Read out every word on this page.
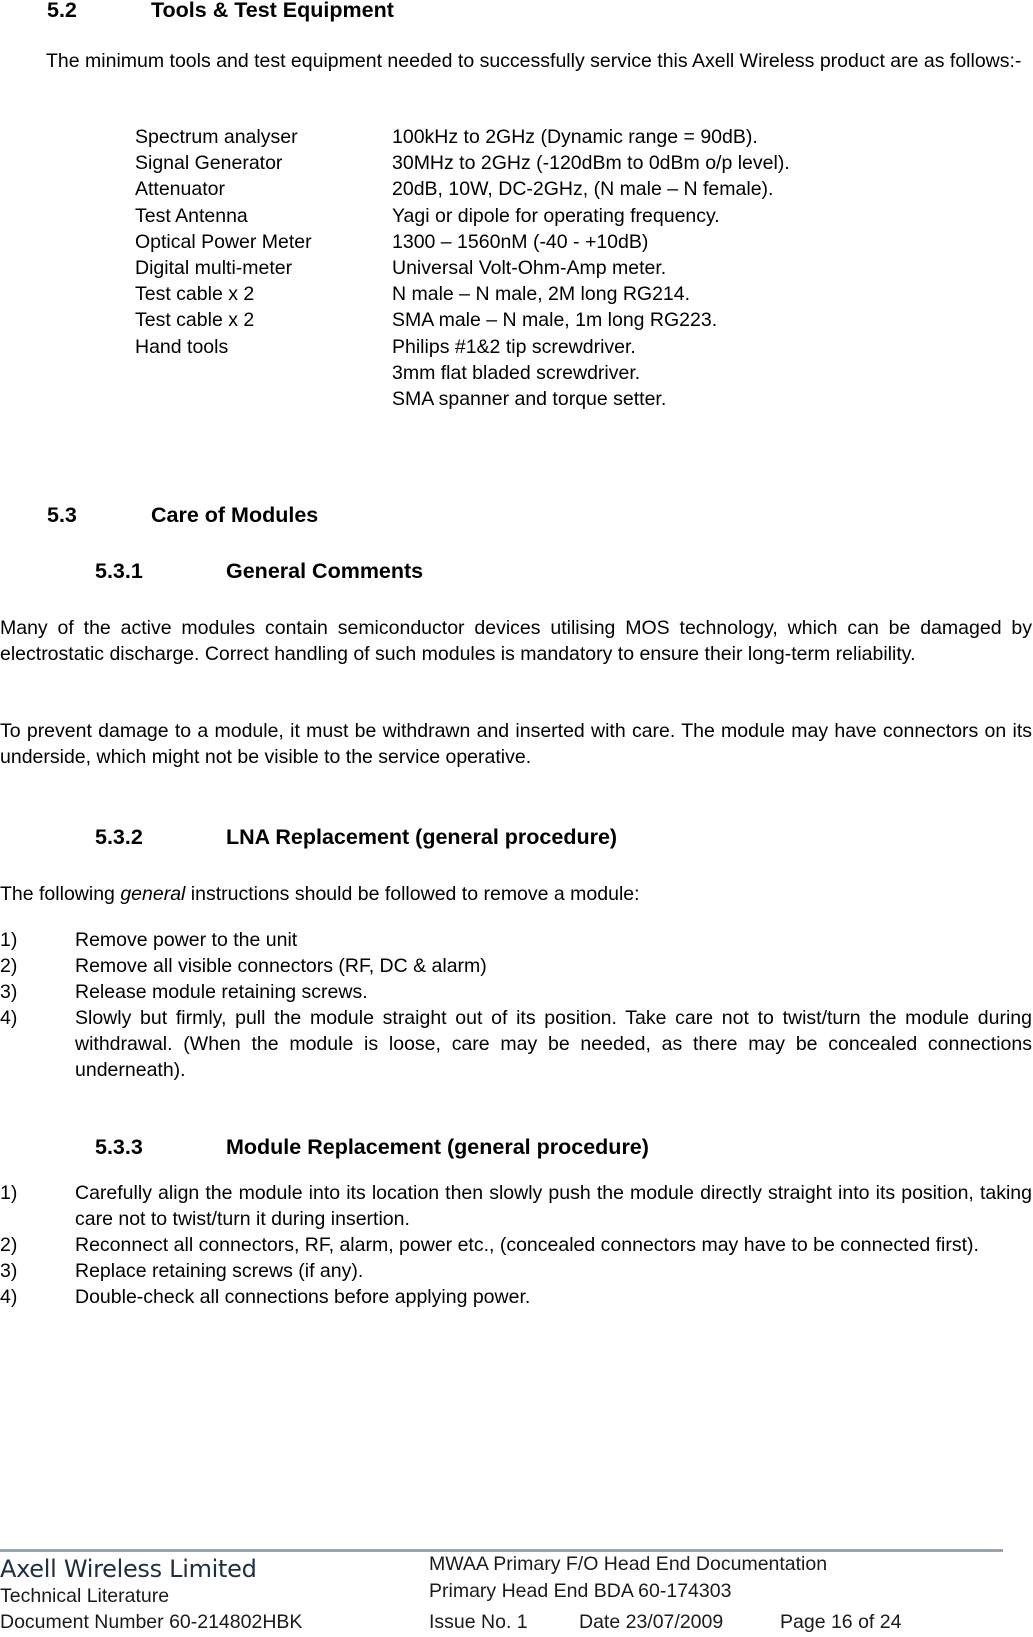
5.2	Tools & Test Equipment
The minimum tools and test equipment needed to successfully service this Axell Wireless product are as follows:-
Spectrum analyser	100kHz to 2GHz (Dynamic range = 90dB).
Signal Generator	30MHz to 2GHz (-120dBm to 0dBm o/p level).
Attenuator	20dB, 10W, DC-2GHz, (N male – N female).
Test Antenna	Yagi or dipole for operating frequency.
Optical Power Meter	1300 – 1560nM (-40 - +10dB)
Digital multi-meter	Universal Volt-Ohm-Amp meter.
Test cable x 2	N male – N male, 2M long RG214.
Test cable x 2	SMA male – N male, 1m long RG223.
Hand tools	Philips #1&2 tip screwdriver.
3mm flat bladed screwdriver.
SMA spanner and torque setter.
5.3	Care of Modules
5.3.1	General Comments
Many of the active modules contain semiconductor devices utilising MOS technology, which can be damaged by electrostatic discharge. Correct handling of such modules is mandatory to ensure their long-term reliability.
To prevent damage to a module, it must be withdrawn and inserted with care. The module may have connectors on its underside, which might not be visible to the service operative.
5.3.2	LNA Replacement (general procedure)
The following general instructions should be followed to remove a module:
1)	Remove power to the unit
2)	Remove all visible connectors (RF, DC & alarm)
3)	Release module retaining screws.
4)	Slowly but firmly, pull the module straight out of its position. Take care not to twist/turn the module during withdrawal. (When the module is loose, care may be needed, as there may be concealed connections underneath).
5.3.3	Module Replacement (general procedure)
1)	Carefully align the module into its location then slowly push the module directly straight into its position, taking care not to twist/turn it during insertion.
2)	Reconnect all connectors, RF, alarm, power etc., (concealed connectors may have to be connected first).
3)	Replace retaining screws (if any).
4)	Double-check all connections before applying power.
Axell Wireless Limited
Technical Literature
Document Number 60-214802HBK
MWAA Primary F/O Head End Documentation
Primary Head End BDA 60-174303
Issue No. 1	Date 23/07/2009	Page 16 of 24
